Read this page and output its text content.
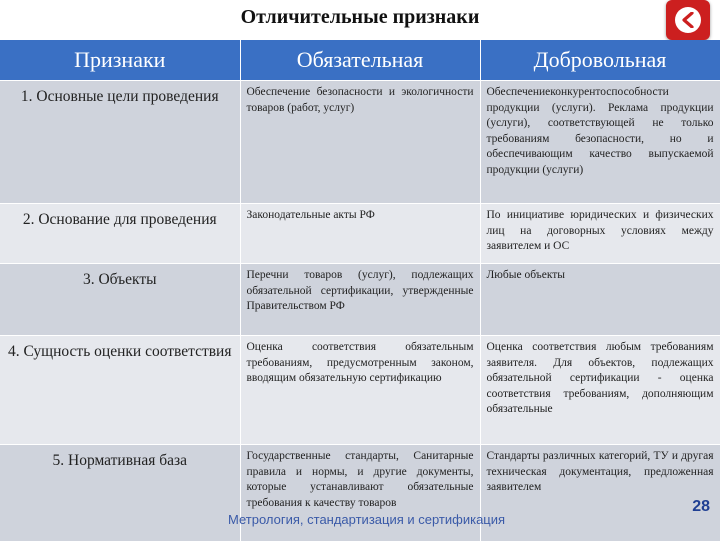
Отличительные признаки
Признаки	Обязательная	Добровольная
1. Основные цели проведения	Обеспечение безопасности и экологичности товаров (работ, услуг)	Обеспечениеконкурентоспособности продукции (услуги). Реклама продукции (услуги), соответствующей не только требованиям безопасности, но и обеспечивающим качество выпускаемой продукции (услуги)
2. Основание для проведения	Законодательные акты РФ	По инициативе юридических и физических лиц на договорных условиях между заявителем и ОС
3. Объекты	Перечни товаров (услуг), подлежащих обязательной сертификации, утвержденные Правительством РФ	Любые объекты
4. Сущность оценки соответствия	Оценка соответствия обязательным требованиям, предусмотренным законом, вводящим обязательную сертификацию	Оценка соответствия любым требованиям заявителя. Для объектов, подлежащих обязательной сертификации - оценка соответствия требованиям, дополняющим обязательные
5. Нормативная база	Государственные стандарты, Санитарные правила и нормы, и другие документы, которые устанавливают обязательные требования к качеству товаров	Стандарты различных категорий, ТУ и другая техническая документация, предложенная заявителем
Метрология, стандартизация и сертификация
28
